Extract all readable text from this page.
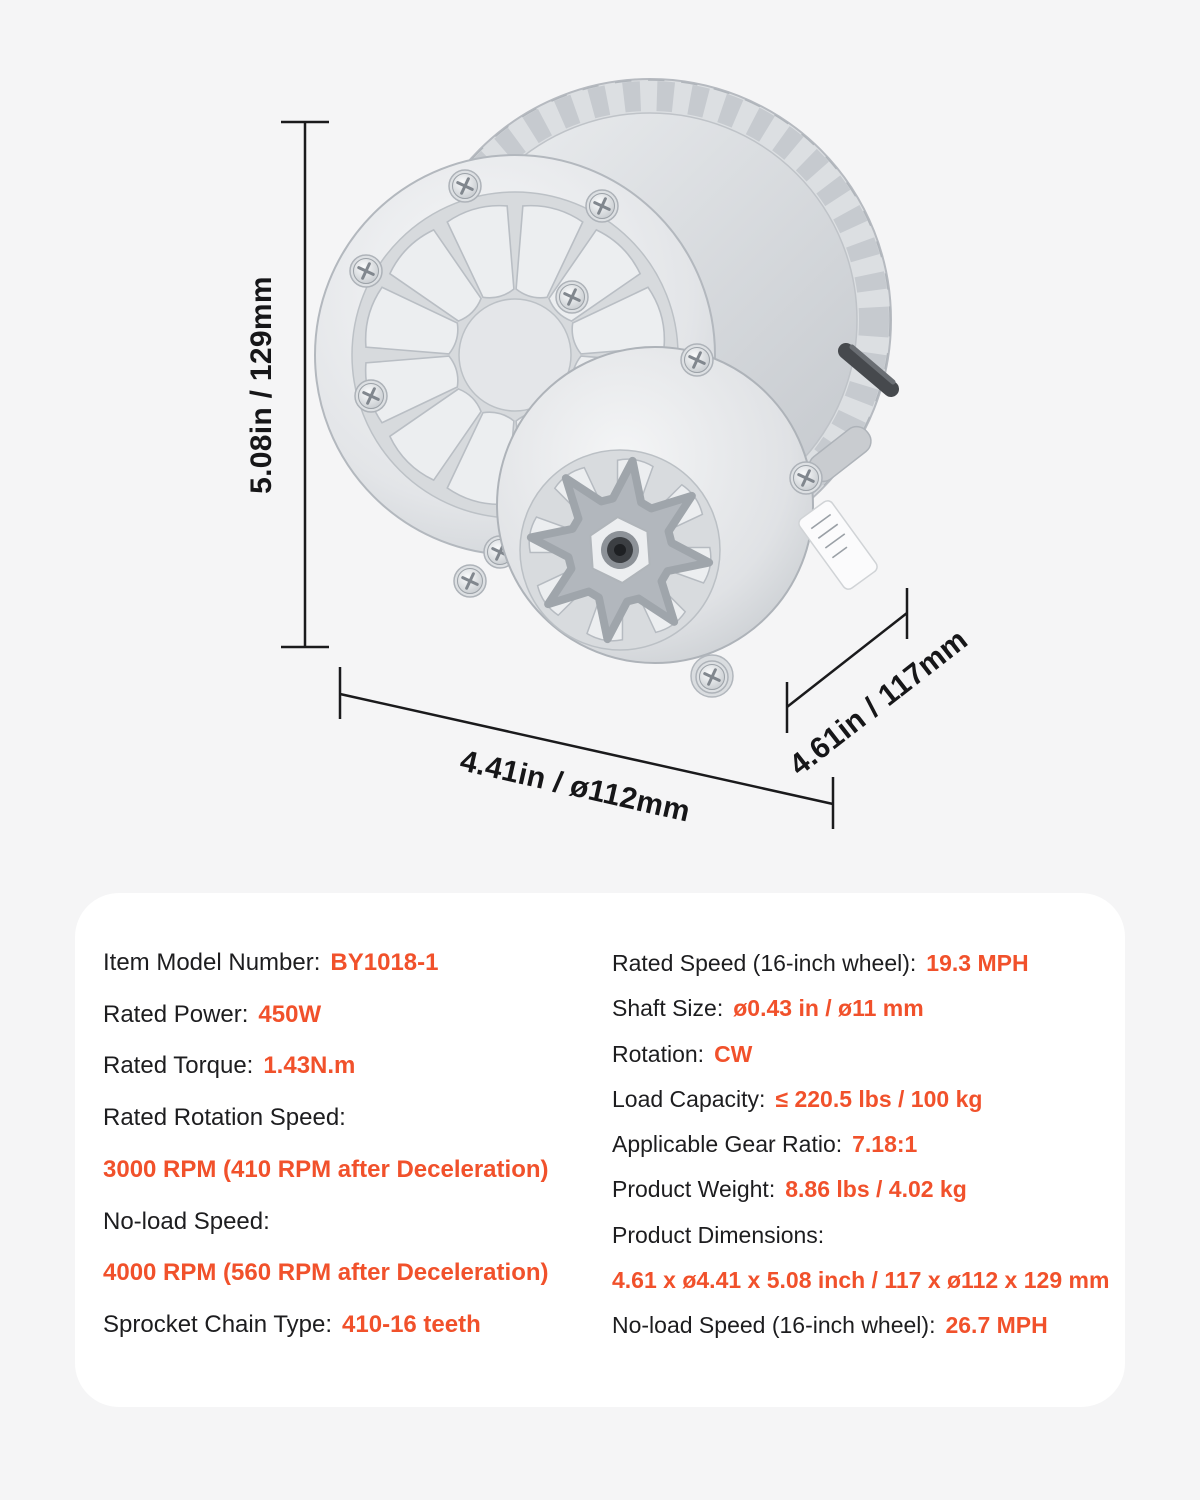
5.08in / 129mm
4.41in / ø112mm
4.61in / 117mm
Item Model Number: BY1018-1
Rated Power: 450W
Rated Torque: 1.43N.m
Rated Rotation Speed:
3000 RPM (410 RPM after Deceleration)
No-load Speed:
4000 RPM (560 RPM after Deceleration)
Sprocket Chain Type: 410-16 teeth
Rated Speed (16-inch wheel): 19.3 MPH
Shaft Size: ø0.43 in / ø11 mm
Rotation: CW
Load Capacity: ≤ 220.5 lbs / 100 kg
Applicable Gear Ratio: 7.18:1
Product Weight: 8.86 lbs / 4.02 kg
Product Dimensions:
4.61 x ø4.41 x 5.08 inch / 117 x ø112 x 129 mm
No-load Speed (16-inch wheel): 26.7 MPH
